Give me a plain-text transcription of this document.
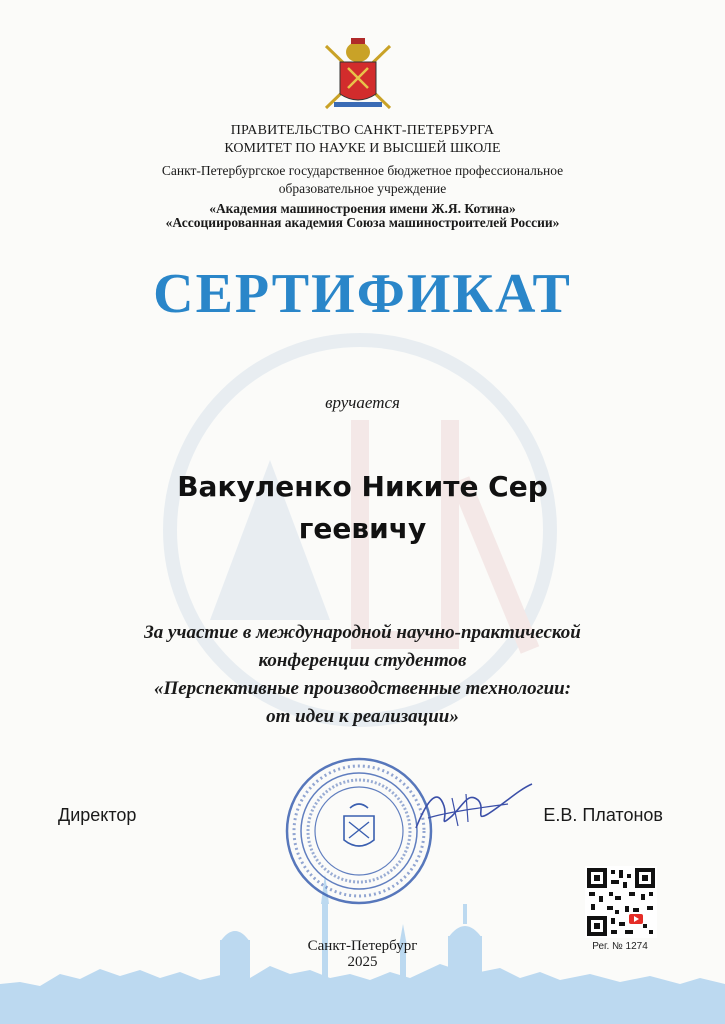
ПРАВИТЕЛЬСТВО САНКТ-ПЕТЕРБУРГА
КОМИТЕТ ПО НАУКЕ И ВЫСШЕЙ ШКОЛЕ
Санкт-Петербургское государственное бюджетное профессиональное
образовательное учреждение
«Академия машиностроения имени Ж.Я. Котина»
«Ассоциированная академия Союза машиностроителей России»
СЕРТИФИКАТ
вручается
Вакуленко Никите Сер
геевичу
За участие в международной научно-практической
конференции студентов
«Перспективные производственные технологии:
от идеи к реализации»
Директор	Е.В. Платонов
Санкт-Петербург
2025
Рег. № 1274
